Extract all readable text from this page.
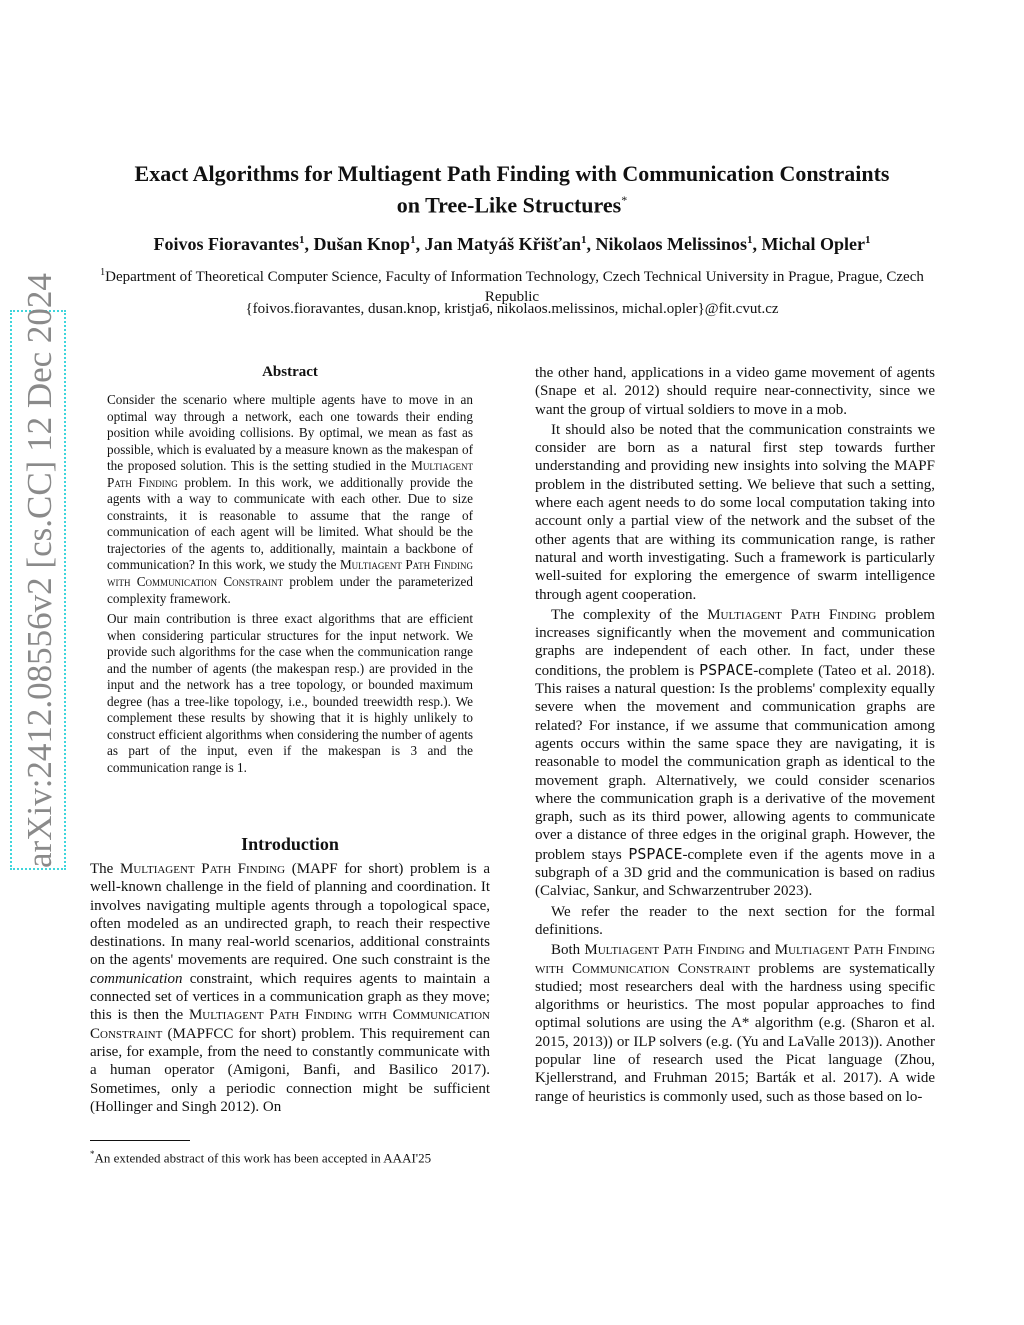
arXiv:2412.08556v2 [cs.CC] 12 Dec 2024
Exact Algorithms for Multiagent Path Finding with Communication Constraints
on Tree-Like Structures*
Foivos Fioravantes$^1$, Dušan Knop$^1$, Jan Matyáš Křišťan$^1$, Nikolaos Melissinos$^1$, Michal Opler$^1$
$^1$Department of Theoretical Computer Science, Faculty of Information Technology, Czech Technical University in Prague, Prague, Czech Republic
{foivos.fioravantes, dusan.knop, kristja6, nikolaos.melissinos, michal.opler}@fit.cvut.cz
Abstract

Consider the scenario where multiple agents have to move in an optimal way through a network, each one towards their ending position while avoiding collisions. By optimal, we mean as fast as possible, which is evaluated by a measure known as the makespan of the proposed solution. This is the setting studied in the Multiagent Path Finding problem. In this work, we additionally provide the agents with a way to communicate with each other. Due to size constraints, it is reasonable to assume that the range of communication of each agent will be limited. What should be the trajectories of the agents to, additionally, maintain a backbone of communication? In this work, we study the Multiagent Path Finding with Communication Constraint problem under the parameterized complexity framework.

Our main contribution is three exact algorithms that are efficient when considering particular structures for the input network. We provide such algorithms for the case when the communication range and the number of agents (the makespan resp.) are provided in the input and the network has a tree topology, or bounded maximum degree (has a tree-like topology, i.e., bounded treewidth resp.). We complement these results by showing that it is highly unlikely to construct efficient algorithms when considering the number of agents as part of the input, even if the makespan is 3 and the communication range is 1.

Introduction

The Multiagent Path Finding (MAPF for short) problem is a well-known challenge in the field of planning and coordination. It involves navigating multiple agents through a topological space, often modeled as an undirected graph, to reach their respective destinations. In many real-world scenarios, additional constraints on the agents' movements are required. One such constraint is the communication constraint, which requires agents to maintain a connected set of vertices in a communication graph as they move; this is then the Multiagent Path Finding with Communication Constraint (MAPFCC for short) problem. This requirement can arise, for example, from the need to constantly communicate with a human operator (Amigoni, Banfi, and Basilico 2017). Sometimes, only a periodic connection might be sufficient (Hollinger and Singh 2012). On

*An extended abstract of this work has been accepted in AAAI'25

the other hand, applications in a video game movement of agents (Snape et al. 2012) should require near-connectivity, since we want the group of virtual soldiers to move in a mob.

It should also be noted that the communication constraints we consider are born as a natural first step towards further understanding and providing new insights into solving the MAPF problem in the distributed setting. We believe that such a setting, where each agent needs to do some local computation taking into account only a partial view of the network and the subset of the other agents that are withing its communication range, is rather natural and worth investigating. Such a framework is particularly well-suited for exploring the emergence of swarm intelligence through agent cooperation.

The complexity of the Multiagent Path Finding problem increases significantly when the movement and communication graphs are independent of each other. In fact, under these conditions, the problem is PSPACE-complete (Tateo et al. 2018). This raises a natural question: Is the problems' complexity equally severe when the movement and communication graphs are related? For instance, if we assume that communication among agents occurs within the same space they are navigating, it is reasonable to model the communication graph as identical to the movement graph. Alternatively, we could consider scenarios where the communication graph is a derivative of the movement graph, such as its third power, allowing agents to communicate over a distance of three edges in the original graph. However, the problem stays PSPACE-complete even if the agents move in a subgraph of a 3D grid and the communication is based on radius (Calviac, Sankur, and Schwarzentruber 2023).

We refer the reader to the next section for the formal definitions.

Both Multiagent Path Finding and Multiagent Path Finding with Communication Constraint problems are systematically studied; most researchers deal with the hardness using specific algorithms or heuristics. The most popular approaches to find optimal solutions are using the A* algorithm (e.g. (Sharon et al. 2015, 2013)) or ILP solvers (e.g. (Yu and LaValle 2013)). Another popular line of research used the Picat language (Zhou, Kjellerstrand, and Fruhman 2015; Barták et al. 2017). A wide range of heuristics is commonly used, such as those based on lo-
